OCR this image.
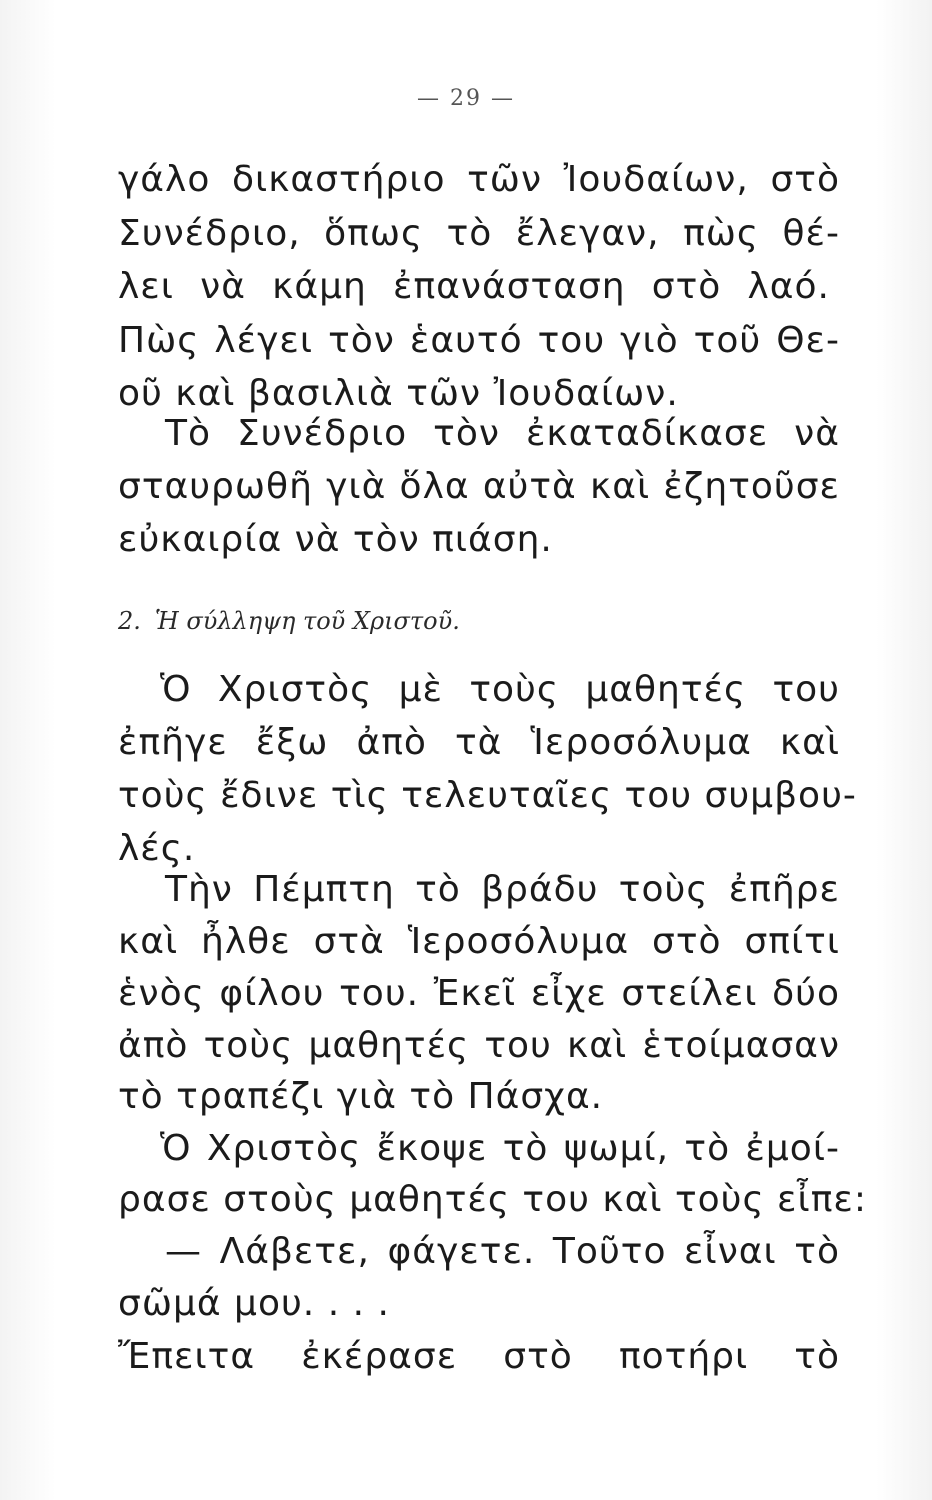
— 29 —
γάλο δικαστήριο τῶν Ἰουδαίων, στὸ
Συνέδριο, ὅπως τὸ ἔλεγαν, πὼς θέ-
λει νὰ κάμη ἐπανάσταση στὸ λαό.
Πὼς λέγει τὸν ἑαυτό του γιὸ τοῦ Θε-
οῦ καὶ βασιλιὰ τῶν Ἰουδαίων.
Τὸ Συνέδριο τὸν ἐκαταδίκασε νὰ
σταυρωθῆ γιὰ ὅλα αὐτὰ καὶ ἐζητοῦσε
εὐκαιρία νὰ τὸν πιάση.
2. Ἡ σύλληψη τοῦ Χριστοῦ.
Ὁ Χριστὸς μὲ τοὺς μαθητές του
ἐπῆγε ἔξω ἀπὸ τὰ Ἱεροσόλυμα καὶ
τοὺς ἔδινε τὶς τελευταῖες του συμβου-
λές.
Τὴν Πέμπτη τὸ βράδυ τοὺς ἐπῆρε
καὶ ἦλθε στὰ Ἱεροσόλυμα στὸ σπίτι
ἑνὸς φίλου του. Ἐκεῖ εἶχε στείλει δύο
ἀπὸ τοὺς μαθητές του καὶ ἑτοίμασαν
τὸ τραπέζι γιὰ τὸ Πάσχα.
Ὁ Χριστὸς ἔκοψε τὸ ψωμί, τὸ ἐμοί-
ρασε στοὺς μαθητές του καὶ τοὺς εἶπε:
— Λάβετε, φάγετε. Τοῦτο εἶναι τὸ
σῶμά μου. . . .
Ἔπειτα ἐκέρασε στὸ ποτήρι τὸ
